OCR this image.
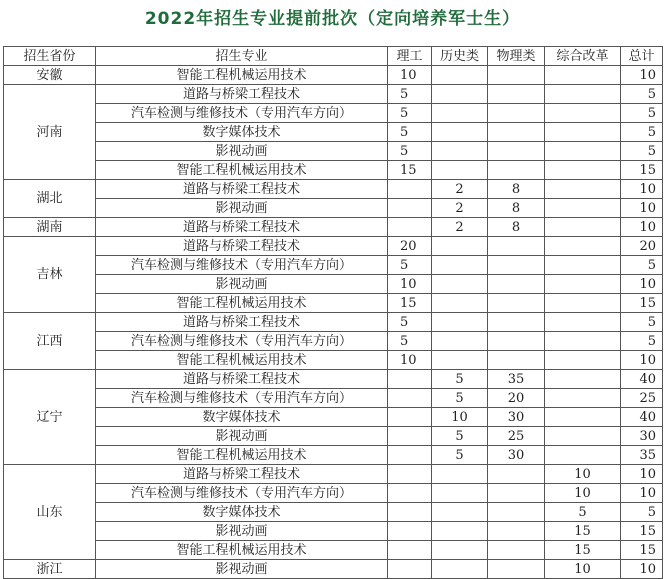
2022年招生专业提前批次（定向培养军士生）
招生省份	招生专业	理工	历史类	物理类	综合改革	总计
安徽	智能工程机械运用技术	10				10
河南	道路与桥梁工程技术	5				5
	汽车检测与维修技术（专用汽车方向）	5				5
	数字媒体技术	5				5
	影视动画	5				5
	智能工程机械运用技术	15				15
湖北	道路与桥梁工程技术		2	8		10
	影视动画		2	8		10
湖南	道路与桥梁工程技术		2	8		10
吉林	道路与桥梁工程技术	20				20
	汽车检测与维修技术（专用汽车方向）	5				5
	影视动画	10				10
	智能工程机械运用技术	15				15
江西	道路与桥梁工程技术	5				5
	汽车检测与维修技术（专用汽车方向）	5				5
	智能工程机械运用技术	10				10
辽宁	道路与桥梁工程技术		5	35		40
	汽车检测与维修技术（专用汽车方向）		5	20		25
	数字媒体技术		10	30		40
	影视动画		5	25		30
	智能工程机械运用技术		5	30		35
山东	道路与桥梁工程技术				10	10
	汽车检测与维修技术（专用汽车方向）				10	10
	数字媒体技术				5	5
	影视动画				15	15
	智能工程机械运用技术				15	15
浙江	影视动画				10	10
